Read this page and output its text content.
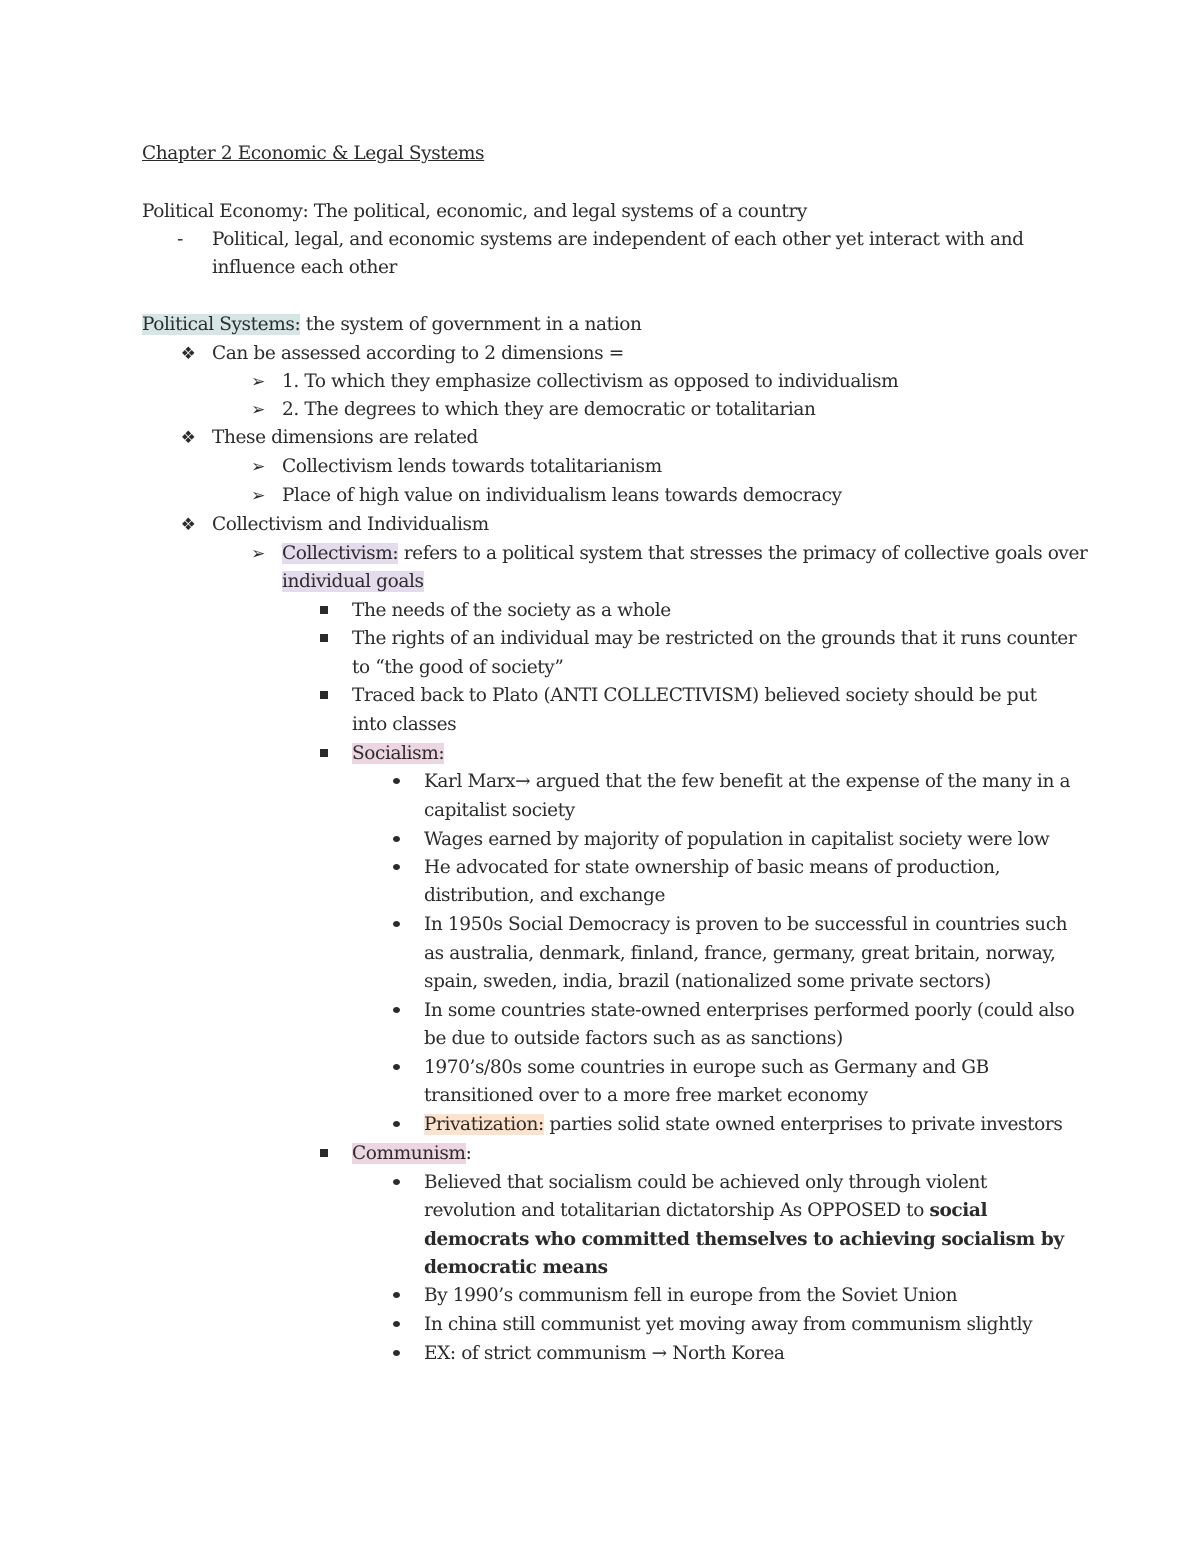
Chapter 2 Economic & Legal Systems
Political Economy: The political, economic, and legal systems of a country
- Political, legal, and economic systems are independent of each other yet interact with and
influence each other
Political Systems: the system of government in a nation
❖ Can be assessed according to 2 dimensions =
➢ 1. To which they emphasize collectivism as opposed to individualism
➢ 2. The degrees to which they are democratic or totalitarian
❖ These dimensions are related
➢ Collectivism lends towards totalitarianism
➢ Place of high value on individualism leans towards democracy
❖ Collectivism and Individualism
➢ Collectivism: refers to a political system that stresses the primacy of collective goals over
individual goals
The needs of the society as a whole
The rights of an individual may be restricted on the grounds that it runs counter
to “the good of society”
Traced back to Plato (ANTI COLLECTIVISM) believed society should be put
into classes
Socialism:
Karl Marx→ argued that the few benefit at the expense of the many in a
capitalist society
Wages earned by majority of population in capitalist society were low
He advocated for state ownership of basic means of production,
distribution, and exchange
In 1950s Social Democracy is proven to be successful in countries such
as australia, denmark, finland, france, germany, great britain, norway,
spain, sweden, india, brazil (nationalized some private sectors)
In some countries state-owned enterprises performed poorly (could also
be due to outside factors such as as sanctions)
1970’s/80s some countries in europe such as Germany and GB
transitioned over to a more free market economy
Privatization: parties solid state owned enterprises to private investors
Communism:
Believed that socialism could be achieved only through violent
revolution and totalitarian dictatorship As OPPOSED to social
democrats who committed themselves to achieving socialism by
democratic means
By 1990’s communism fell in europe from the Soviet Union
In china still communist yet moving away from communism slightly
EX: of strict communism → North Korea
